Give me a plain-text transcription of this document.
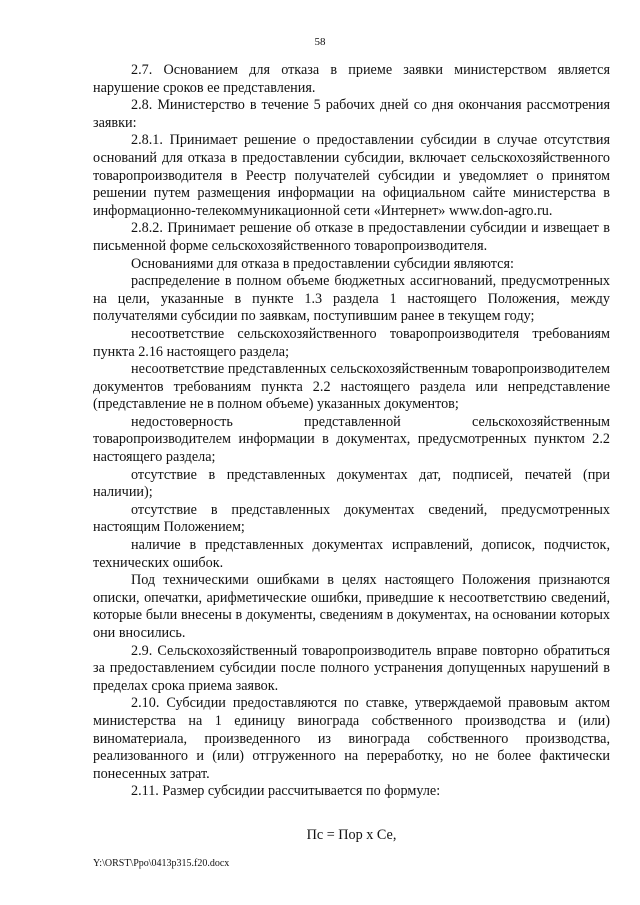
58

2.7. Основанием для отказа в приеме заявки министерством является нарушение сроков ее представления.

2.8. Министерство в течение 5 рабочих дней со дня окончания рассмотрения заявки:

2.8.1. Принимает решение о предоставлении субсидии в случае отсутствия оснований для отказа в предоставлении субсидии, включает сельскохозяйственного товаропроизводителя в Реестр получателей субсидии и уведомляет о принятом решении путем размещения информации на официальном сайте министерства в информационно-телекоммуникационной сети «Интернет» www.don-agro.ru.

2.8.2. Принимает решение об отказе в предоставлении субсидии и извещает в письменной форме сельскохозяйственного товаропроизводителя.

Основаниями для отказа в предоставлении субсидии являются:

распределение в полном объеме бюджетных ассигнований, предусмотренных на цели, указанные в пункте 1.3 раздела 1 настоящего Положения, между получателями субсидии по заявкам, поступившим ранее в текущем году;

несоответствие сельскохозяйственного товаропроизводителя требованиям пункта 2.16 настоящего раздела;

несоответствие представленных сельскохозяйственным товаропроизводителем документов требованиям пункта 2.2 настоящего раздела или непредставление (представление не в полном объеме) указанных документов;

недостоверность представленной сельскохозяйственным товаропроизводителем информации в документах, предусмотренных пунктом 2.2 настоящего раздела;

отсутствие в представленных документах дат, подписей, печатей (при наличии);

отсутствие в представленных документах сведений, предусмотренных настоящим Положением;

наличие в представленных документах исправлений, дописок, подчисток, технических ошибок.

Под техническими ошибками в целях настоящего Положения признаются описки, опечатки, арифметические ошибки, приведшие к несоответствию сведений, которые были внесены в документы, сведениям в документах, на основании которых они вносились.

2.9. Сельскохозяйственный товаропроизводитель вправе повторно обратиться за предоставлением субсидии после полного устранения допущенных нарушений в пределах срока приема заявок.

2.10. Субсидии предоставляются по ставке, утверждаемой правовым актом министерства на 1 единицу винограда собственного производства и (или) виноматериала, произведенного из винограда собственного производства, реализованного и (или) отгруженного на переработку, но не более фактически понесенных затрат.

2.11. Размер субсидии рассчитывается по формуле:

Пс = Пор х Се,
Y:\ORST\Ppo\0413p315.f20.docx
